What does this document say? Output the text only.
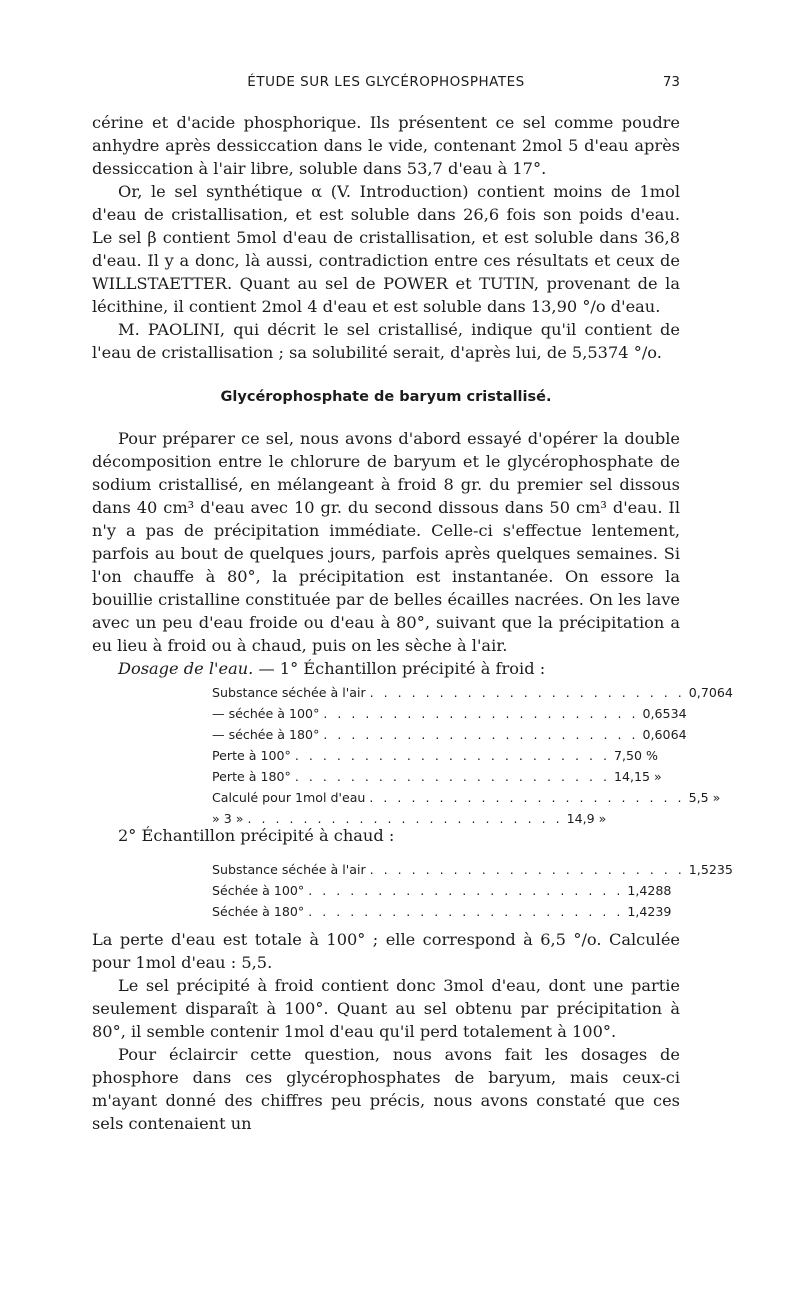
ÉTUDE SUR LES GLYCÉROPHOSPHATES	73

cérine et d'acide phosphorique. Ils présentent ce sel comme poudre anhydre après dessiccation dans le vide, contenant 2mol 5 d'eau après dessiccation à l'air libre, soluble dans 53,7 d'eau à 17°.

Or, le sel synthétique α (V. Introduction) contient moins de 1mol d'eau de cristallisation, et est soluble dans 26,6 fois son poids d'eau. Le sel β contient 5mol d'eau de cristallisation, et est soluble dans 36,8 d'eau. Il y a donc, là aussi, contradiction entre ces résultats et ceux de WILLSTAETTER. Quant au sel de POWER et TUTIN, provenant de la lécithine, il contient 2mol 4 d'eau et est soluble dans 13,90 °/o d'eau.

M. PAOLINI, qui décrit le sel cristallisé, indique qu'il contient de l'eau de cristallisation ; sa solubilité serait, d'après lui, de 5,5374 °/o.

Glycérophosphate de baryum cristallisé.

Pour préparer ce sel, nous avons d'abord essayé d'opérer la double décomposition entre le chlorure de baryum et le glycérophosphate de sodium cristallisé, en mélangeant à froid 8 gr. du premier sel dissous dans 40 cm³ d'eau avec 10 gr. du second dissous dans 50 cm³ d'eau. Il n'y a pas de précipitation immédiate. Celle-ci s'effectue lentement, parfois au bout de quelques jours, parfois après quelques semaines. Si l'on chauffe à 80°, la précipitation est instantanée. On essore la bouillie cristalline constituée par de belles écailles nacrées. On les lave avec un peu d'eau froide ou d'eau à 80°, suivant que la précipitation a eu lieu à froid ou à chaud, puis on les sèche à l'air.

Dosage de l'eau. — 1° Échantillon précipité à froid :

Substance séchée à l'air . . . . . . . . . . . . . . . . . . . . . . . 0,7064
— séchée à 100° . . . . . . . . . . . . . . . . . . . . . . . 0,6534
— séchée à 180° . . . . . . . . . . . . . . . . . . . . . . . 0,6064
Perte à 100° . . . . . . . . . . . . . . . . . . . . . . . 7,50 %
Perte à 180° . . . . . . . . . . . . . . . . . . . . . . . 14,15 »
Calculé pour 1mol d'eau . . . . . . . . . . . . . . . . . . . . . . . 5,5 »
» 3 » . . . . . . . . . . . . . . . . . . . . . . . 14,9 »
2° Échantillon précipité à chaud :
Substance séchée à l'air . . . . . . . . . . . . . . . . . . . . . . . 1,5235
Séchée à 100° . . . . . . . . . . . . . . . . . . . . . . . 1,4288
Séchée à 180° . . . . . . . . . . . . . . . . . . . . . . . 1,4239

La perte d'eau est totale à 100° ; elle correspond à 6,5 °/o. Calculée pour 1mol d'eau : 5,5.

Le sel précipité à froid contient donc 3mol d'eau, dont une partie seulement disparaît à 100°. Quant au sel obtenu par précipitation à 80°, il semble contenir 1mol d'eau qu'il perd totalement à 100°.

Pour éclaircir cette question, nous avons fait les dosages de phosphore dans ces glycérophosphates de baryum, mais ceux-ci m'ayant donné des chiffres peu précis, nous avons constaté que ces sels contenaient un
